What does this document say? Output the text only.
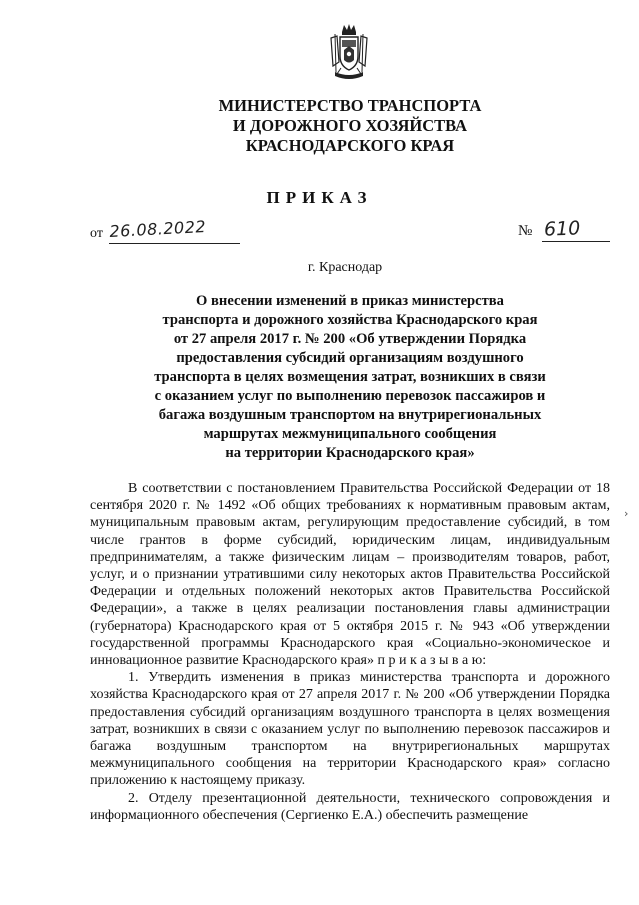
МИНИСТЕРСТВО ТРАНСПОРТА
И ДОРОЖНОГО ХОЗЯЙСТВА
КРАСНОДАРСКОГО КРАЯ
ПРИКАЗ
от 26.08.2022	№ 610
г. Краснодар
О внесении изменений в приказ министерства
транспорта и дорожного хозяйства Краснодарского края
от 27 апреля 2017 г. № 200 «Об утверждении Порядка
предоставления субсидий организациям воздушного
транспорта в целях возмещения затрат, возникших в связи
с оказанием услуг по выполнению перевозок пассажиров и
багажа воздушным транспортом на внутрирегиональных
маршрутах межмуниципального сообщения
на территории Краснодарского края»

В соответствии с постановлением Правительства Российской Федерации от 18 сентября 2020 г. № 1492 «Об общих требованиях к нормативным правовым актам, муниципальным правовым актам, регулирующим предоставление субсидий, в том числе грантов в форме субсидий, юридическим лицам, индивидуальным предпринимателям, а также физическим лицам – производителям товаров, работ, услуг, и о признании утратившими силу некоторых актов Правительства Российской Федерации и отдельных положений некоторых актов Правительства Российской Федерации», а также в целях реализации постановления главы администрации (губернатора) Краснодарского края от 5 октября 2015 г. № 943 «Об утверждении государственной программы Краснодарского края «Социально-экономическое и инновационное развитие Краснодарского края» п р и к а з ы в а ю:

1. Утвердить изменения в приказ министерства транспорта и дорожного хозяйства Краснодарского края от 27 апреля 2017 г. № 200 «Об утверждении Порядка предоставления субсидий организациям воздушного транспорта в целях возмещения затрат, возникших в связи с оказанием услуг по выполнению перевозок пассажиров и багажа воздушным транспортом на внутрирегиональных маршрутах межмуниципального сообщения на территории Краснодарского края» согласно приложению к настоящему приказу.

2. Отделу презентационной деятельности, технического сопровождения и информационного обеспечения (Сергиенко Е.А.) обеспечить размещение

›
